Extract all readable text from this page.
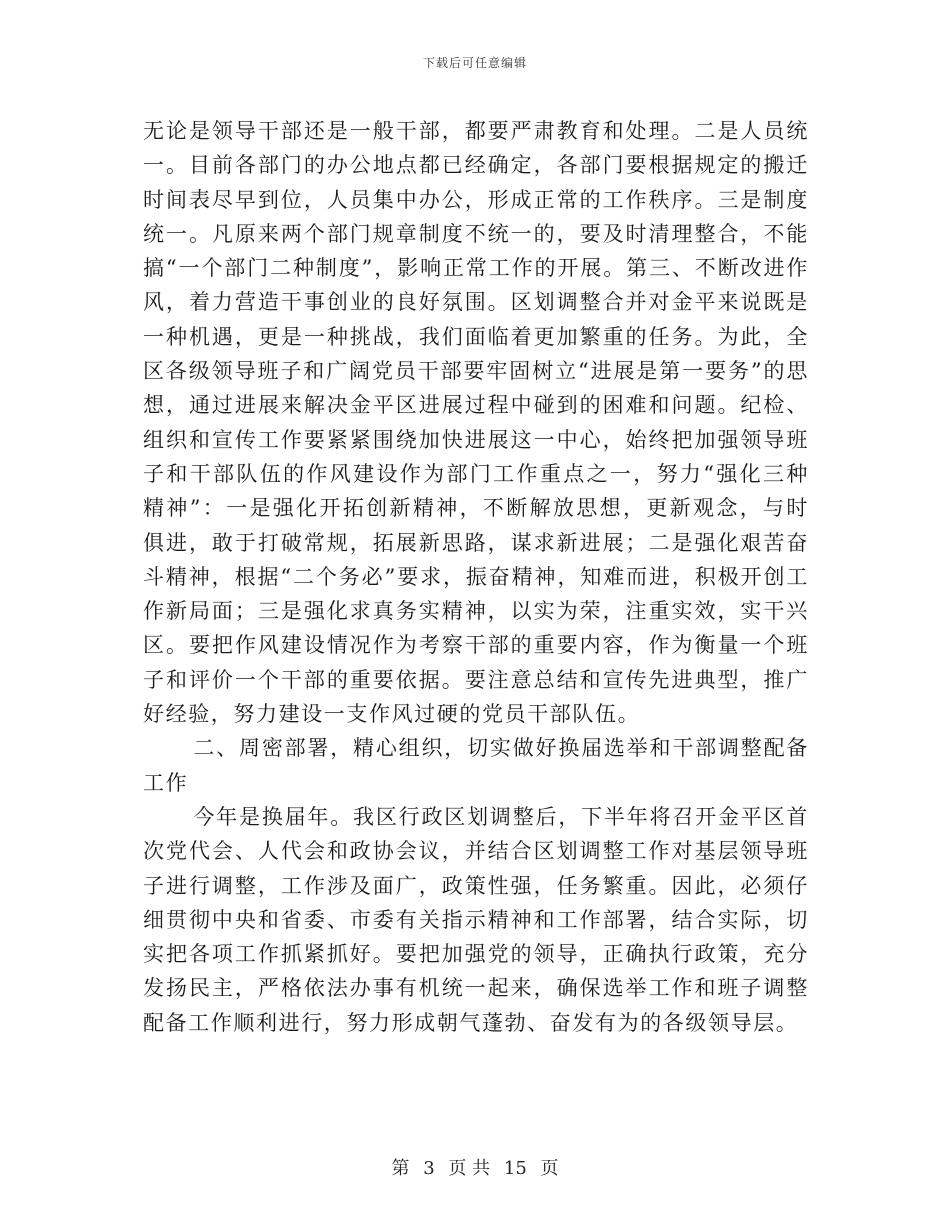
下载后可任意编辑

无论是领导干部还是一般干部，都要严肃教育和处理。二是人员统一。目前各部门的办公地点都已经确定，各部门要根据规定的搬迁时间表尽早到位，人员集中办公，形成正常的工作秩序。三是制度统一。凡原来两个部门规章制度不统一的，要及时清理整合，不能搞“一个部门二种制度”，影响正常工作的开展。第三、不断改进作风，着力营造干事创业的良好氛围。区划调整合并对金平来说既是一种机遇，更是一种挑战，我们面临着更加繁重的任务。为此，全区各级领导班子和广阔党员干部要牢固树立“进展是第一要务”的思想，通过进展来解决金平区进展过程中碰到的困难和问题。纪检、组织和宣传工作要紧紧围绕加快进展这一中心，始终把加强领导班子和干部队伍的作风建设作为部门工作重点之一，努力“强化三种精神”：一是强化开拓创新精神，不断解放思想，更新观念，与时俱进，敢于打破常规，拓展新思路，谋求新进展；二是强化艰苦奋斗精神，根据“二个务必”要求，振奋精神，知难而进，积极开创工作新局面；三是强化求真务实精神，以实为荣，注重实效，实干兴区。要把作风建设情况作为考察干部的重要内容，作为衡量一个班子和评价一个干部的重要依据。要注意总结和宣传先进典型，推广好经验，努力建设一支作风过硬的党员干部队伍。

二、周密部署，精心组织，切实做好换届选举和干部调整配备工作

今年是换届年。我区行政区划调整后，下半年将召开金平区首次党代会、人代会和政协会议，并结合区划调整工作对基层领导班子进行调整，工作涉及面广，政策性强，任务繁重。因此，必须仔细贯彻中央和省委、市委有关指示精神和工作部署，结合实际，切实把各项工作抓紧抓好。要把加强党的领导，正确执行政策，充分发扬民主，严格依法办事有机统一起来，确保选举工作和班子调整配备工作顺利进行，努力形成朝气蓬勃、奋发有为的各级领导层。

第 3 页 共 15 页
